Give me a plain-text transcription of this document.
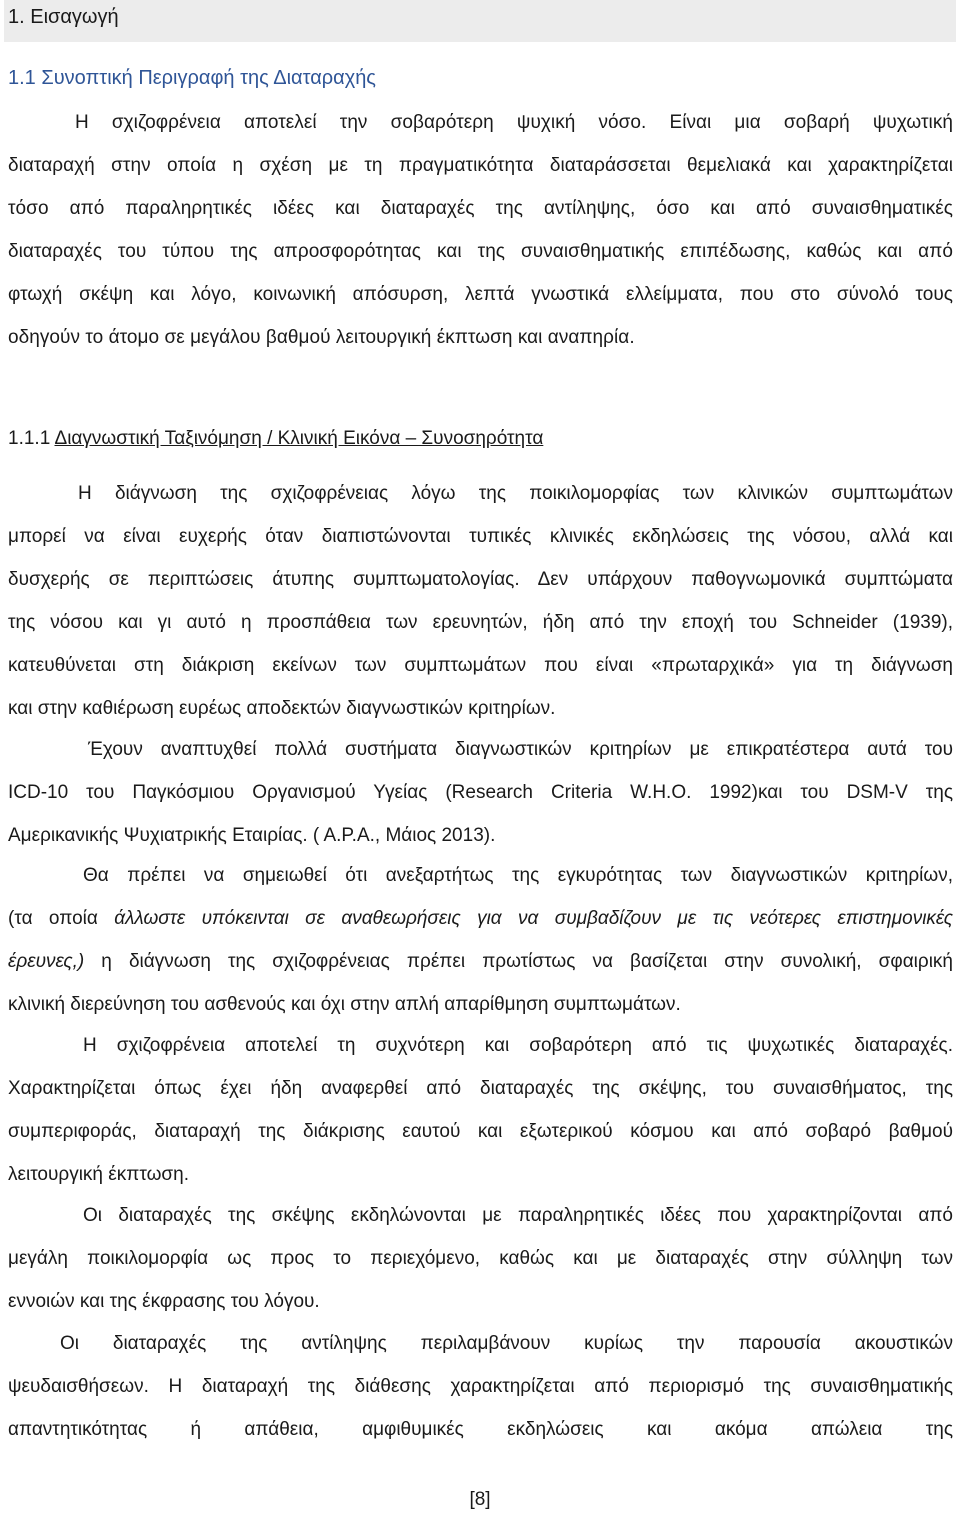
1. Εισαγωγή
1.1 Συνοπτική Περιγραφή της Διαταραχής
Η σχιζοφρένεια αποτελεί την σοβαρότερη ψυχική νόσο. Είναι μια σοβαρή ψυχωτική
διαταραχή στην οποία η σχέση με τη πραγματικότητα διαταράσσεται θεμελιακά και χαρακτηρίζεται
τόσο από παραληρητικές ιδέες και διαταραχές της αντίληψης, όσο και από συναισθηματικές
διαταραχές του τύπου της απροσφορότητας και της συναισθηματικής επιπέδωσης, καθώς και από
φτωχή σκέψη και λόγο, κοινωνική απόσυρση, λεπτά γνωστικά ελλείμματα, που στο σύνολό τους
οδηγούν το άτομο σε μεγάλου βαθμού λειτουργική έκπτωση και αναπηρία.
1.1.1 Διαγνωστική Ταξινόμηση / Κλινική Εικόνα – Συνοσηρότητα
Η διάγνωση της σχιζοφρένειας λόγω της ποικιλομορφίας των κλινικών συμπτωμάτων
μπορεί να είναι ευχερής όταν διαπιστώνονται τυπικές κλινικές εκδηλώσεις της νόσου, αλλά και
δυσχερής σε περιπτώσεις άτυπης συμπτωματολογίας. Δεν υπάρχουν παθογνωμονικά συμπτώματα
της νόσου και γι αυτό η προσπάθεια των ερευνητών, ήδη από την εποχή του Schneider (1939),
κατευθύνεται στη διάκριση εκείνων των συμπτωμάτων που είναι «πρωταρχικά» για τη διάγνωση
και στην καθιέρωση ευρέως αποδεκτών διαγνωστικών κριτηρίων.
Έχουν αναπτυχθεί πολλά συστήματα διαγνωστικών κριτηρίων με επικρατέστερα αυτά του
ICD-10 του Παγκόσμιου Οργανισμού Υγείας (Research Criteria W.H.O. 1992)και του DSM-V της
Αμερικανικής Ψυχιατρικής Εταιρίας. ( Α.Ρ.Α., Μάιος 2013).
Θα πρέπει να σημειωθεί ότι ανεξαρτήτως της εγκυρότητας των διαγνωστικών κριτηρίων,
(τα οποία άλλωστε υπόκεινται σε αναθεωρήσεις για να συμβαδίζουν με τις νεότερες επιστημονικές
έρευνες,) η διάγνωση της σχιζοφρένειας πρέπει πρωτίστως να βασίζεται στην συνολική, σφαιρική
κλινική διερεύνηση του ασθενούς και όχι στην απλή απαρίθμηση συμπτωμάτων.
Η σχιζοφρένεια αποτελεί τη συχνότερη και σοβαρότερη από τις ψυχωτικές διαταραχές.
Χαρακτηρίζεται όπως έχει ήδη αναφερθεί από διαταραχές της σκέψης, του συναισθήματος, της
συμπεριφοράς, διαταραχή της διάκρισης εαυτού και εξωτερικού κόσμου και από σοβαρό βαθμού
λειτουργική έκπτωση.
Οι διαταραχές της σκέψης εκδηλώνονται με παραληρητικές ιδέες που χαρακτηρίζονται από
μεγάλη ποικιλομορφία ως προς το περιεχόμενο, καθώς και με διαταραχές στην σύλληψη των
εννοιών και της έκφρασης του λόγου.
Οι διαταραχές της αντίληψης περιλαμβάνουν κυρίως την παρουσία ακουστικών
ψευδαισθήσεων. Η διαταραχή της διάθεσης χαρακτηρίζεται από περιορισμό της συναισθηματικής
απαντητικότητας ή απάθεια, αμφιθυμικές εκδηλώσεις και ακόμα απώλεια της
[8]
